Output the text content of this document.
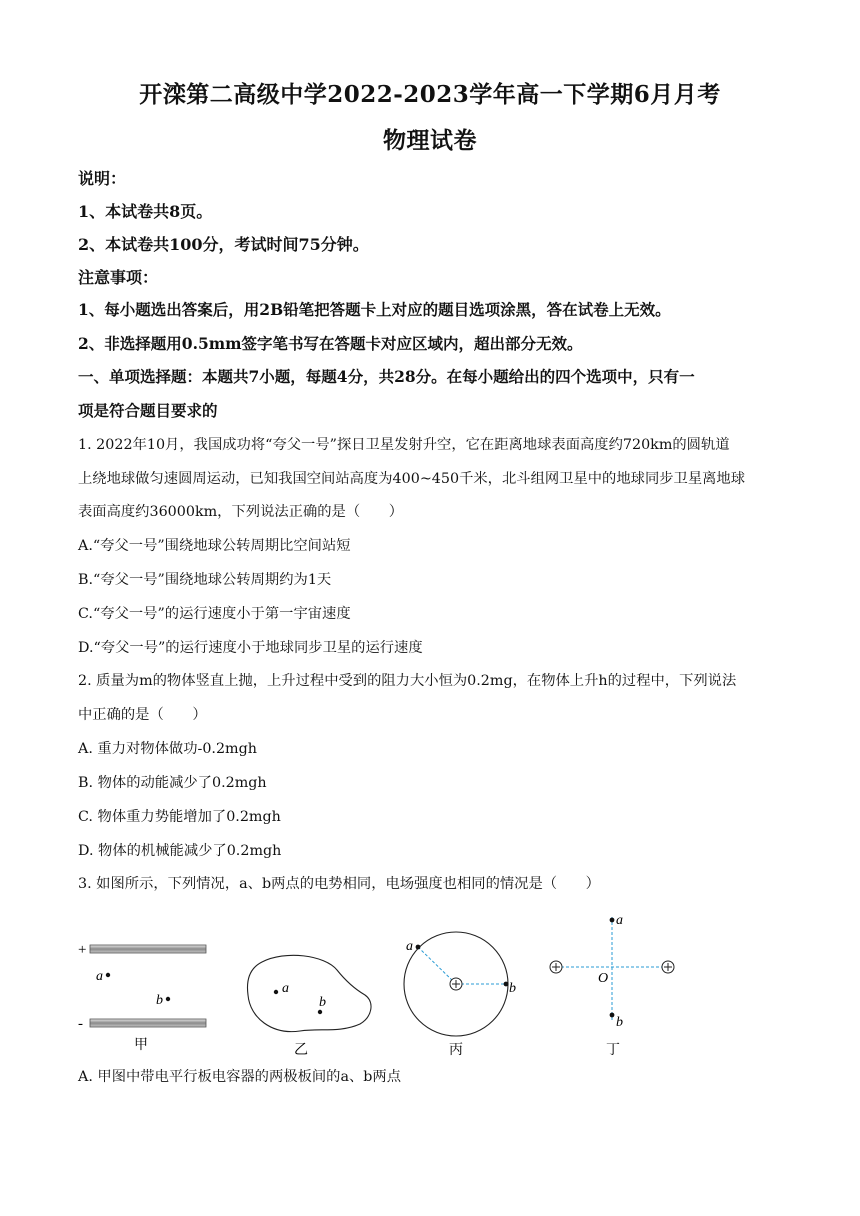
开滦第二高级中学2022-2023学年高一下学期6月月考
物理试卷
说明：
1、本试卷共8页。
2、本试卷共100分，考试时间75分钟。
注意事项：
1、每小题选出答案后，用2B铅笔把答题卡上对应的题目选项涂黑，答在试卷上无效。
2、非选择题用0.5mm签字笔书写在答题卡对应区域内，超出部分无效。
一、单项选择题：本题共7小题，每题4分，共28分。在每小题给出的四个选项中，只有一
项是符合题目要求的
1. 2022年10月，我国成功将“夸父一号”探日卫星发射升空，它在距离地球表面高度约720km的圆轨道
上绕地球做匀速圆周运动，已知我国空间站高度为400~450千米，北斗组网卫星中的地球同步卫星离地球
表面高度约36000km，下列说法正确的是（　　）
A.“夸父一号”围绕地球公转周期比空间站短
B.“夸父一号”围绕地球公转周期约为1天
C.“夸父一号”的运行速度小于第一宇宙速度
D.“夸父一号”的运行速度小于地球同步卫星的运行速度
2. 质量为m的物体竖直上抛，上升过程中受到的阻力大小恒为0.2mg，在物体上升h的过程中，下列说法
中正确的是（　　）
A. 重力对物体做功-0.2mgh
B. 物体的动能减少了0.2mgh
C. 物体重力势能增加了0.2mgh
D. 物体的机械能减少了0.2mgh
3. 如图所示，下列情况，a、b两点的电势相同，电场强度也相同的情况是（　　）
+
a
b
-
甲
a
b
乙
a
b
丙
a
b
O
丁
A. 甲图中带电平行板电容器的两极板间的a、b两点
